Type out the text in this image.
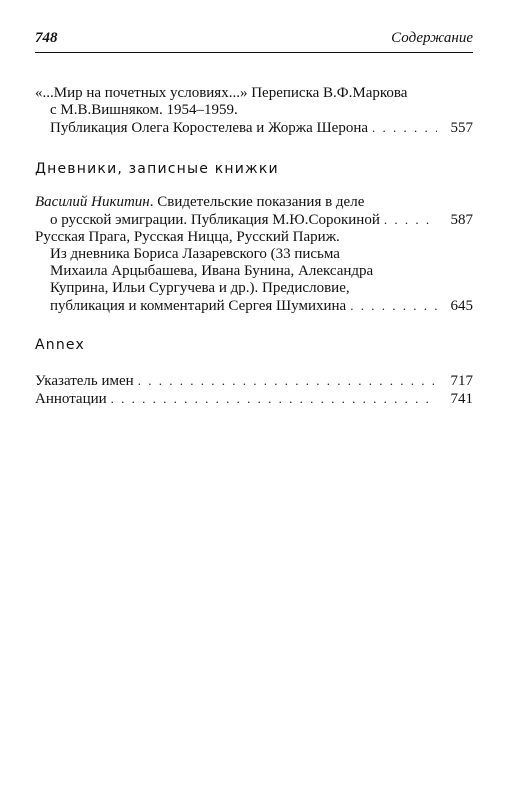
748	Содержание
«...Мир на почетных условиях...» Переписка В.Ф.Маркова
с М.В.Вишняком. 1954–1959.
Публикация Олега Коростелева и Жоржа Шерона . . .	557
Дневники, записные книжки
Василий Никитин. Свидетельские показания в деле
о русской эмиграции. Публикация М.Ю.Сорокиной . . .	587
Русская Прага, Русская Ницца, Русский Париж.
Из дневника Бориса Лазаревского (33 письма
Михаила Арцыбашева, Ивана Бунина, Александра
Куприна, Ильи Сургучева и др.). Предисловие,
публикация и комментарий Сергея Шумихина . . .	645
Annex
Указатель имен . . .	717
Аннотации . . .	741
